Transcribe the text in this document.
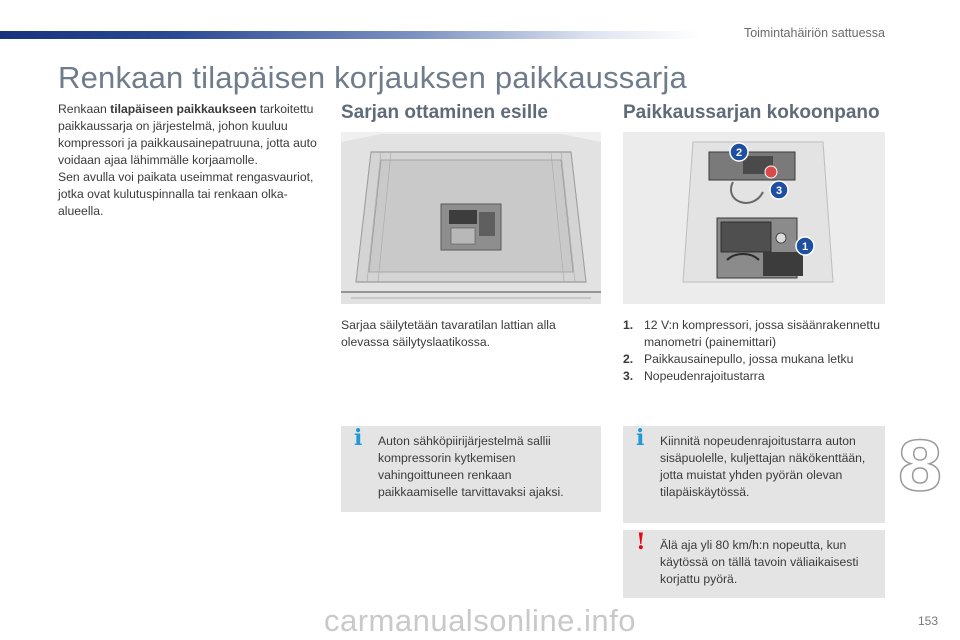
Toimintahäiriön sattuessa
Renkaan tilapäisen korjauksen paikkaussarja

Renkaan tilapäiseen paikkaukseen tarkoitettu paikkaussarja on järjestelmä, johon kuuluu kompressori ja paikkausainepatruuna, jotta auto voidaan ajaa lähimmälle korjaamolle.

Sen avulla voi paikata useimmat rengasvauriot, jotka ovat kulutuspinnalla tai renkaan olka-alueella.

Sarjan ottaminen esille
Sarjaa säilytetään tavaratilan lattian alla olevassa säilytyslaatikossa.
i Auton sähköpiirijärjestelmä sallii kompressorin kytkemisen vahingoittuneen renkaan paikkaamiselle tarvittavaksi ajaksi.
Paikkaussarjan kokoonpano
2
3
1
1. 12 V:n kompressori, jossa sisäänrakennettu manometri (painemittari)
2. Paikkausainepullo, jossa mukana letku
3. Nopeudenrajoitustarra
i Kiinnitä nopeudenrajoitustarra auton sisäpuolelle, kuljettajan näkökenttään, jotta muistat yhden pyörän olevan tilapäiskäytössä.
! Älä aja yli 80 km/h:n nopeutta, kun käytössä on tällä tavoin väliaikaisesti korjattu pyörä.
8
carmanualsonline.info	153
